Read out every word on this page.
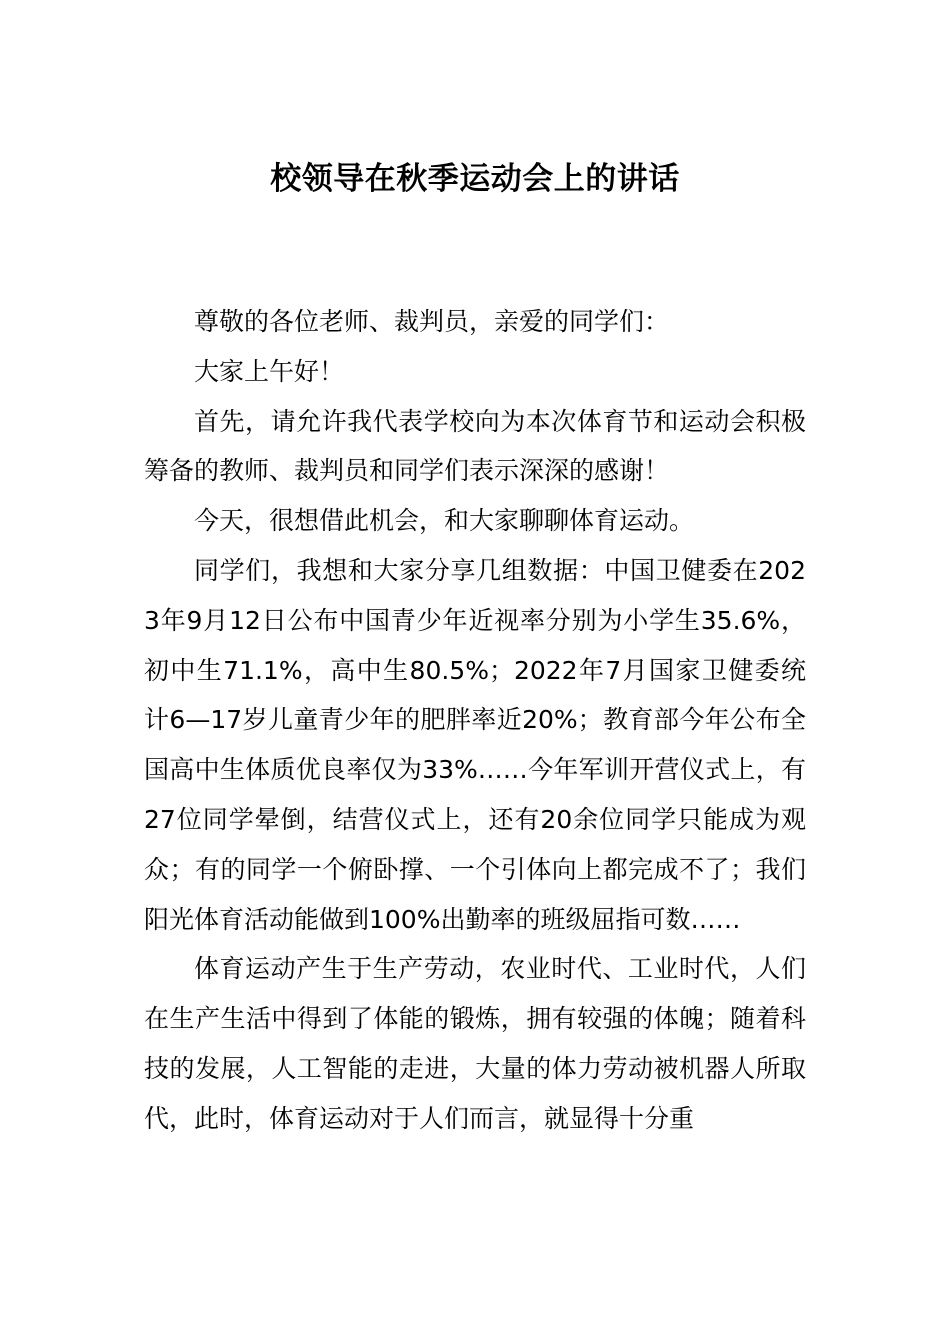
校领导在秋季运动会上的讲话

尊敬的各位老师、裁判员，亲爱的同学们：

大家上午好！

首先，请允许我代表学校向为本次体育节和运动会积极筹备的教师、裁判员和同学们表示深深的感谢！

今天，很想借此机会，和大家聊聊体育运动。

同学们，我想和大家分享几组数据：中国卫健委在2023年9月12日公布中国青少年近视率分别为小学生35.6%，初中生71.1%，高中生80.5%；2022年7月国家卫健委统计6—17岁儿童青少年的肥胖率近20%；教育部今年公布全国高中生体质优良率仅为33%……今年军训开营仪式上，有27位同学晕倒，结营仪式上，还有20余位同学只能成为观众；有的同学一个俯卧撑、一个引体向上都完成不了；我们阳光体育活动能做到100%出勤率的班级屈指可数……

体育运动产生于生产劳动，农业时代、工业时代，人们在生产生活中得到了体能的锻炼，拥有较强的体魄；随着科技的发展，人工智能的走进，大量的体力劳动被机器人所取代，此时，体育运动对于人们而言，就显得十分重
